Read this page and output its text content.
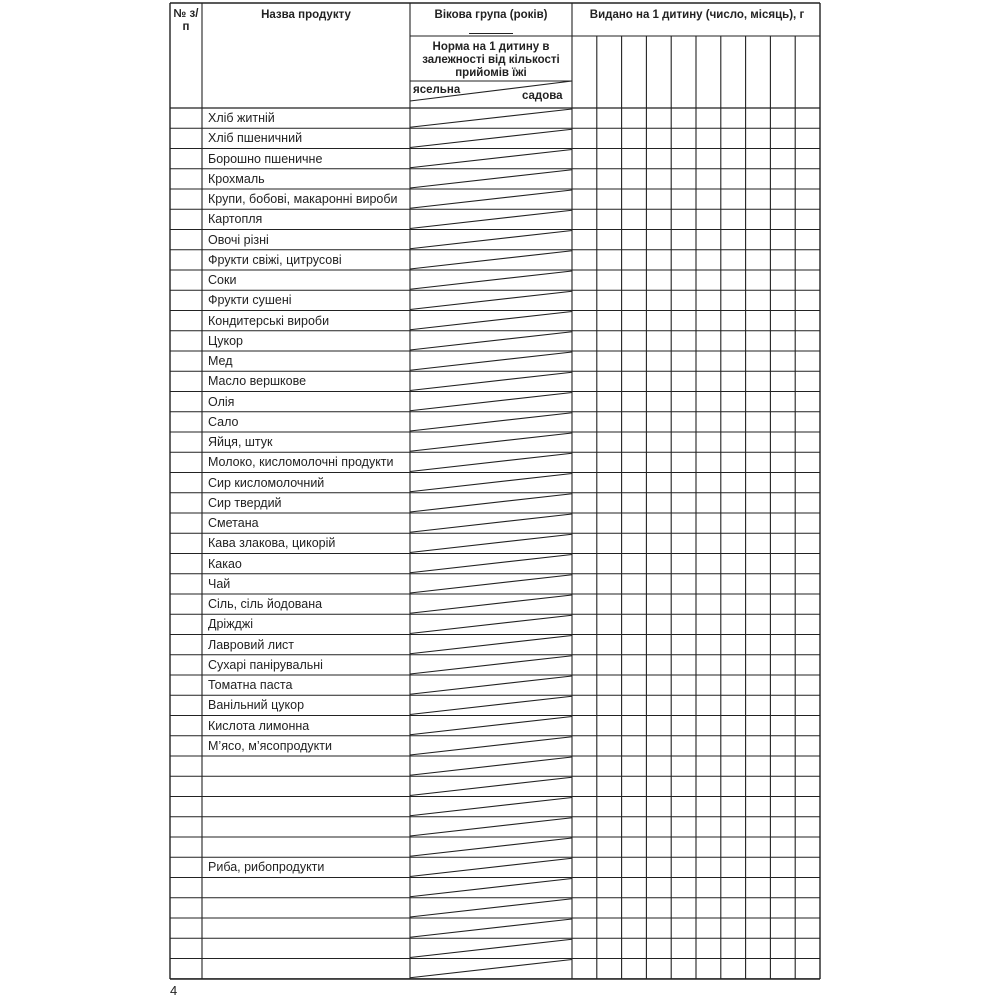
№ з/п
Назва продукту	Вікова група (років)
Норма на 1 дитину в залежності від кількості прийомів їжі
ясельна	садова
Видано на 1 дитину (число, місяць), г
Хліб житній
Хліб пшеничний
Борошно пшеничне
Крохмаль
Крупи, бобові, макаронні вироби
Картопля
Овочі різні
Фрукти свіжі, цитрусові
Соки
Фрукти сушені
Кондитерські вироби
Цукор
Мед
Масло вершкове
Олія
Сало
Яйця, штук
Молоко, кисломолочні продукти
Сир кисломолочний
Сир твердий
Сметана
Кава злакова, цикорій
Какао
Чай
Сіль, сіль йодована
Дріжджі
Лавровий лист
Сухарі панірувальні
Томатна паста
Ванільний цукор
Кислота лимонна
М’ясо, м’ясопродукти
Риба, рибопродукти
4
